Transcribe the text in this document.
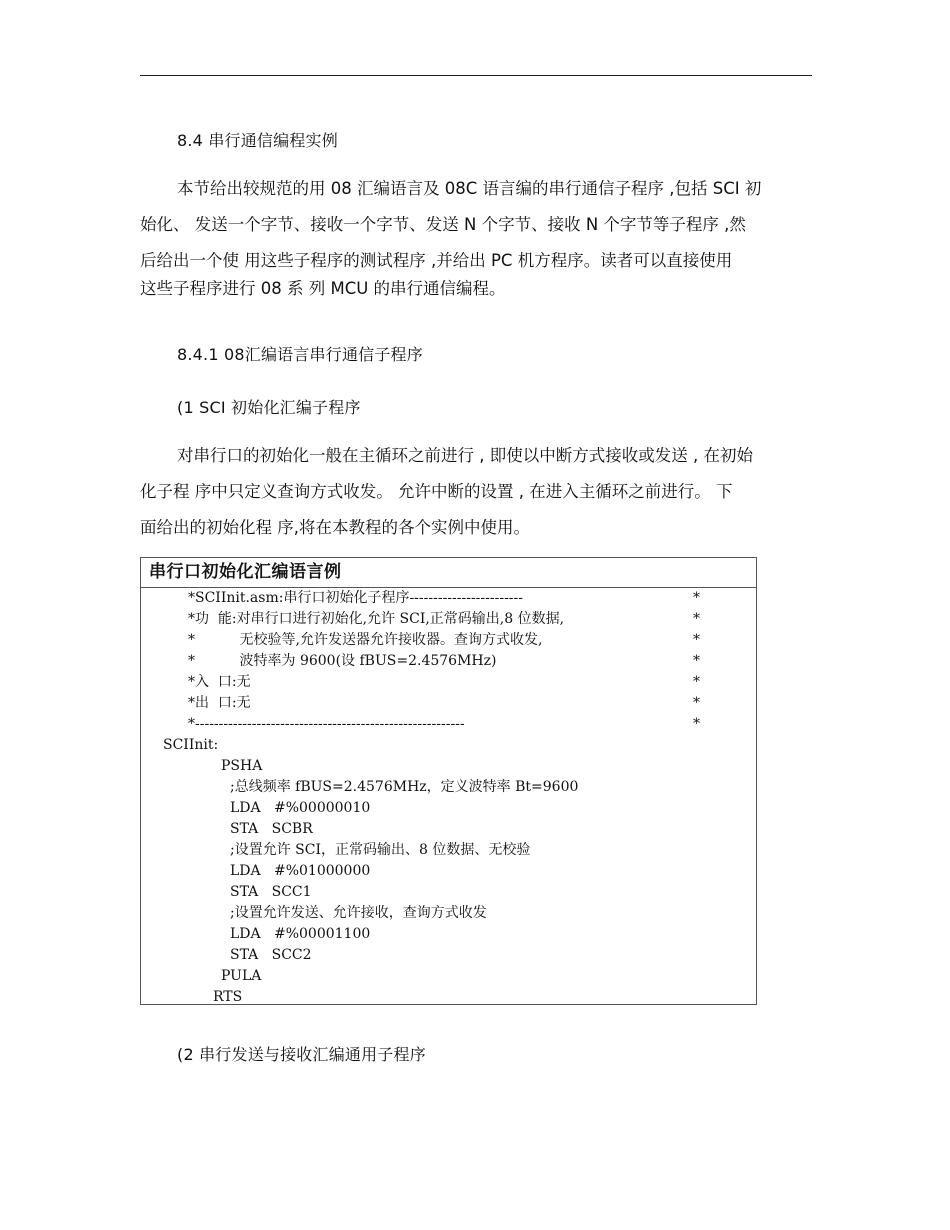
8.4 串行通信编程实例
本节给出较规范的用 08 汇编语言及 08C 语言编的串行通信子程序 ,包括 SCI 初
始化、 发送一个字节、接收一个字节、发送 N 个字节、接收 N 个字节等子程序 ,然
后给出一个使 用这些子程序的测试程序 ,并给出 PC 机方程序。读者可以直接使用
这些子程序进行 08 系 列 MCU 的串行通信编程。
8.4.1 08汇编语言串行通信子程序
(1 SCI 初始化汇编子程序
对串行口的初始化一般在主循环之前进行 , 即使以中断方式接收或发送 , 在初始
化子程 序中只定义查询方式收发。 允许中断的设置 , 在进入主循环之前进行。 下
面给出的初始化程 序,将在本教程的各个实例中使用。
串行口初始化汇编语言例
*SCIInit.asm:串行口初始化子程序------------------------	*
*功  能:对串行口进行初始化,允许 SCI,正常码输出,8 位数据,	*
*          无校验等,允许发送器允许接收器。查询方式收发,	*
*          波特率为 9600(设 fBUS=2.4576MHz)	*
*入  口:无	*
*出  口:无	*
*---------------------------------------------------------	*
SCIInit:
PSHA
;总线频率 fBUS=2.4576MHz，定义波特率 Bt=9600
LDA   #%00000010
STA   SCBR
;设置允许 SCI，正常码输出、8 位数据、无校验
LDA   #%01000000
STA   SCC1
;设置允许发送、允许接收，查询方式收发
LDA   #%00001100
STA   SCC2
PULA
RTS
(2 串行发送与接收汇编通用子程序
